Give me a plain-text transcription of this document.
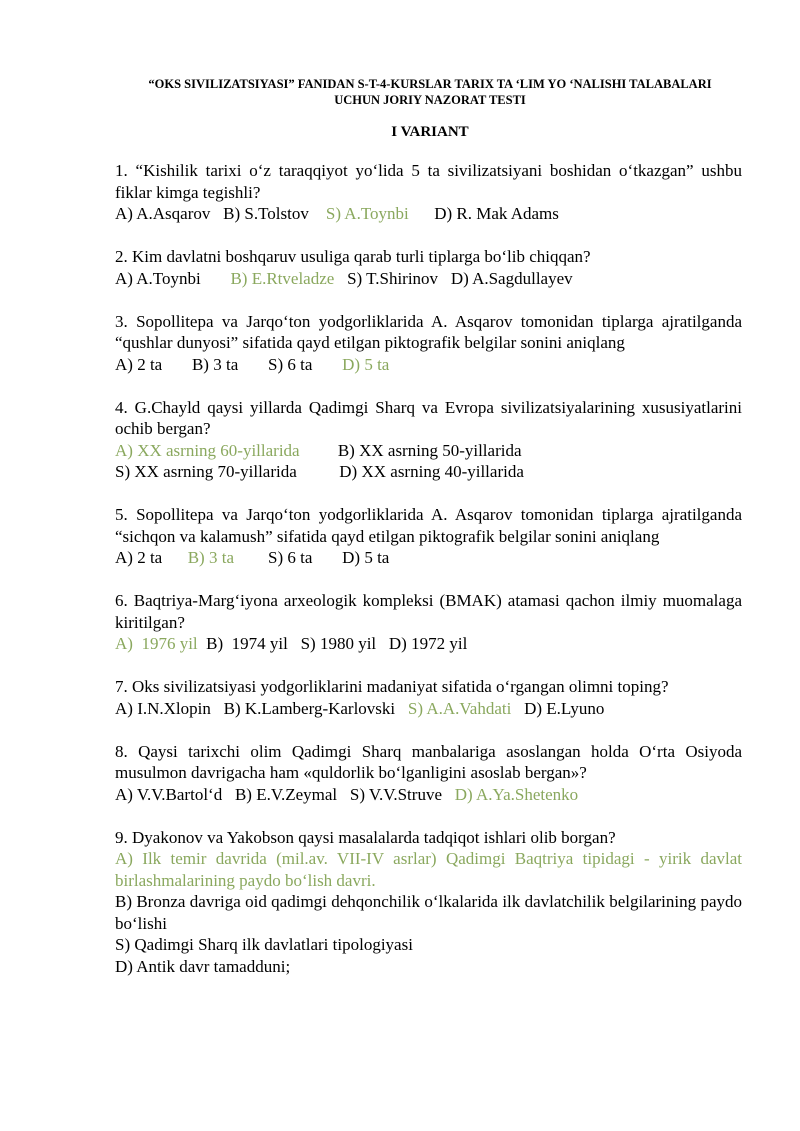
“OKS SIVILIZATSIYASI” FANIDAN S-T-4-KURSLAR TARIX TA ‘LIM YO ‘NALISHI TALABALARI
UCHUN JORIY NAZORAT TESTI
I VARIANT
1. “Kishilik tarixi o‘z taraqqiyot yo‘lida 5 ta sivilizatsiyani boshidan o‘tkazgan” ushbu fiklar kimga tegishli?
A) A.Asqarov B) S.Tolstov S) A.Toynbi D) R. Mak Adams
2. Kim davlatni boshqaruv usuliga qarab turli tiplarga bo‘lib chiqqan?
A) A.Toynbi B) E.Rtveladze S) T.Shirinov D) A.Sagdullayev
3. Sopollitepa va Jarqo‘ton yodgorliklarida A. Asqarov tomonidan tiplarga ajratilganda “qushlar dunyosi” sifatida qayd etilgan piktografik belgilar sonini aniqlang
A) 2 ta B) 3 ta S) 6 ta D) 5 ta
4. G.Chayld qaysi yillarda Qadimgi Sharq va Evropa sivilizatsiyalarining xususiyatlarini ochib bergan?
A) XX asrning 60-yillarida B) XX asrning 50-yillarida
S) XX asrning 70-yillarida	D) XX asrning 40-yillarida
5. Sopollitepa va Jarqo‘ton yodgorliklarida A. Asqarov tomonidan tiplarga ajratilganda “sichqon va kalamush” sifatida qayd etilgan piktografik belgilar sonini aniqlang
A) 2 ta B) 3 ta S) 6 ta D) 5 ta
6. Baqtriya-Marg‘iyona arxeologik kompleksi (BMAK) atamasi qachon ilmiy muomalaga kiritilgan?
A)  1976 yil B)  1974 yil S) 1980 yil D) 1972 yil
7. Oks sivilizatsiyasi yodgorliklarini madaniyat sifatida o‘rgangan olimni toping?
A) I.N.Xlopin B) K.Lamberg-Karlovski S) A.A.Vahdati D) E.Lyuno
8. Qaysi tarixchi olim Qadimgi Sharq manbalariga asoslangan holda O‘rta Osiyoda musulmon davrigacha ham «quldorlik bo‘lganligini asoslab bergan»?
A) V.V.Bartol‘d B) E.V.Zeymal S) V.V.Struve D) A.Ya.Shetenko
9. Dyakonov va Yakobson qaysi masalalarda tadqiqot ishlari olib borgan?
A) Ilk temir davrida (mil.av. VII-IV asrlar) Qadimgi Baqtriya tipidagi - yirik davlat birlashmalarining paydo bo‘lish davri.
B) Bronza davriga oid qadimgi dehqonchilik o‘lkalarida ilk davlatchilik belgilarining paydo bo‘lishi
S) Qadimgi Sharq ilk davlatlari tipologiyasi
D) Antik davr tamadduni;
